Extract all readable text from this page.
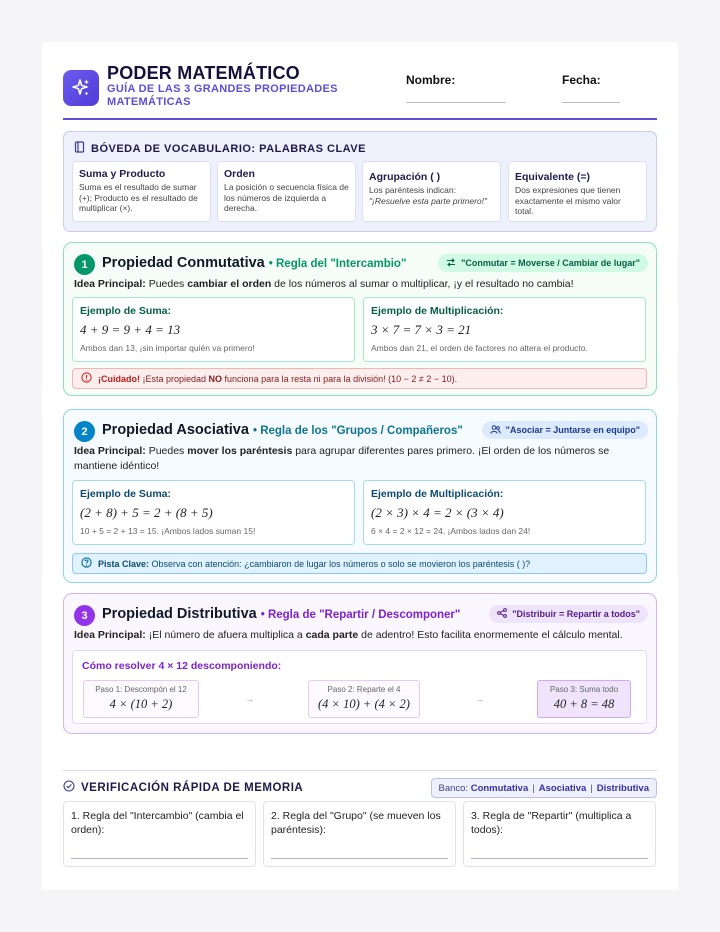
PODER MATEMÁTICO
GUÍA DE LAS 3 GRANDES PROPIEDADES MATEMÁTICAS
Nombre:	Fecha:
BÓVEDA DE VOCABULARIO: PALABRAS CLAVE
Suma y Producto
Suma es el resultado de sumar (+); Producto es el resultado de multiplicar (×).
Orden
La posición o secuencia física de los números de izquierda a derecha.
Agrupación ( )
Los paréntesis indican:
"¡Resuelve esta parte primero!"
Equivalente (=)
Dos expresiones que tienen exactamente el mismo valor total.
1 Propiedad Conmutativa • Regla del "Intercambio"	"Conmutar = Moverse / Cambiar de lugar"
Idea Principal: Puedes cambiar el orden de los números al sumar o multiplicar, ¡y el resultado no cambia!
Ejemplo de Suma:
4 + 9 = 9 + 4 = 13
Ambos dan 13, ¡sin importar quién va primero!
Ejemplo de Multiplicación:
3 × 7 = 7 × 3 = 21
Ambos dan 21, el orden de factores no altera el producto.
¡Cuidado! ¡Esta propiedad NO funciona para la resta ni para la división! (10 − 2 ≠ 2 − 10).
2 Propiedad Asociativa • Regla de los "Grupos / Compañeros"	"Asociar = Juntarse en equipo"
Idea Principal: Puedes mover los paréntesis para agrupar diferentes pares primero. ¡El orden de los números se mantiene idéntico!
Ejemplo de Suma:
(2 + 8) + 5 = 2 + (8 + 5)
10 + 5 = 2 + 13 = 15. ¡Ambos lados suman 15!
Ejemplo de Multiplicación:
(2 × 3) × 4 = 2 × (3 × 4)
6 × 4 = 2 × 12 = 24. ¡Ambos lados dan 24!
Pista Clave: Observa con atención: ¿cambiaron de lugar los números o solo se movieron los paréntesis ( )?
3 Propiedad Distributiva • Regla de "Repartir / Descomponer"	"Distribuir = Repartir a todos"
Idea Principal: ¡El número de afuera multiplica a cada parte de adentro! Esto facilita enormemente el cálculo mental.
Cómo resolver 4 × 12 descomponiendo:
Paso 1: Descompón el 12
4 × (10 + 2)	→
Paso 2: Reparte el 4
(4 × 10) + (4 × 2)	→
Paso 3: Suma todo
40 + 8 = 48
VERIFICACIÓN RÁPIDA DE MEMORIA	Banco:
Conmutativa | Asociativa | Distributiva
1. Regla del "Intercambio" (cambia el orden):
2. Regla del "Grupo" (se mueven los paréntesis):
3. Regla de "Repartir" (multiplica a todos):
